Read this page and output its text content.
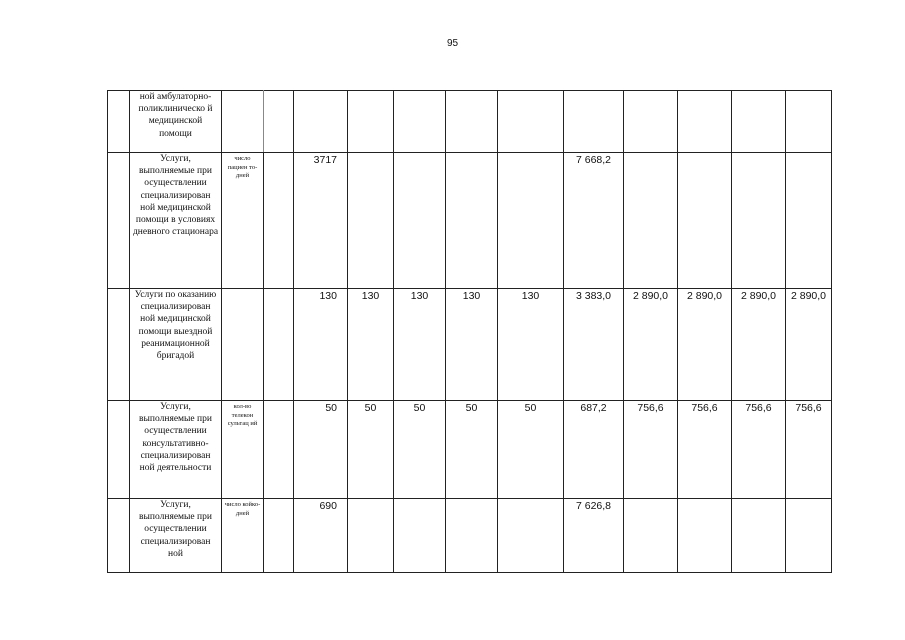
95
	ной амбулаторно-поликлиническо й медицинской помощи												
	Услуги, выполняемые при осуществлении специализирован ной медицинской помощи в условиях дневного стационара	число пациен то-дней		3717					7 668,2				
	Услуги по оказанию специализирован ной медицинской помощи выездной реанимационной бригадой			130	130	130	130	130	3 383,0	2 890,0	2 890,0	2 890,0	2 890,0
	Услуги, выполняемые при осуществлении консультативно-специализирован ной деятельности	кол-во телекон сультац ий		50	50	50	50	50	687,2	756,6	756,6	756,6	756,6
	Услуги, выполняемые при осуществлении специализирован ной	число койко-дней		690					7 626,8				
